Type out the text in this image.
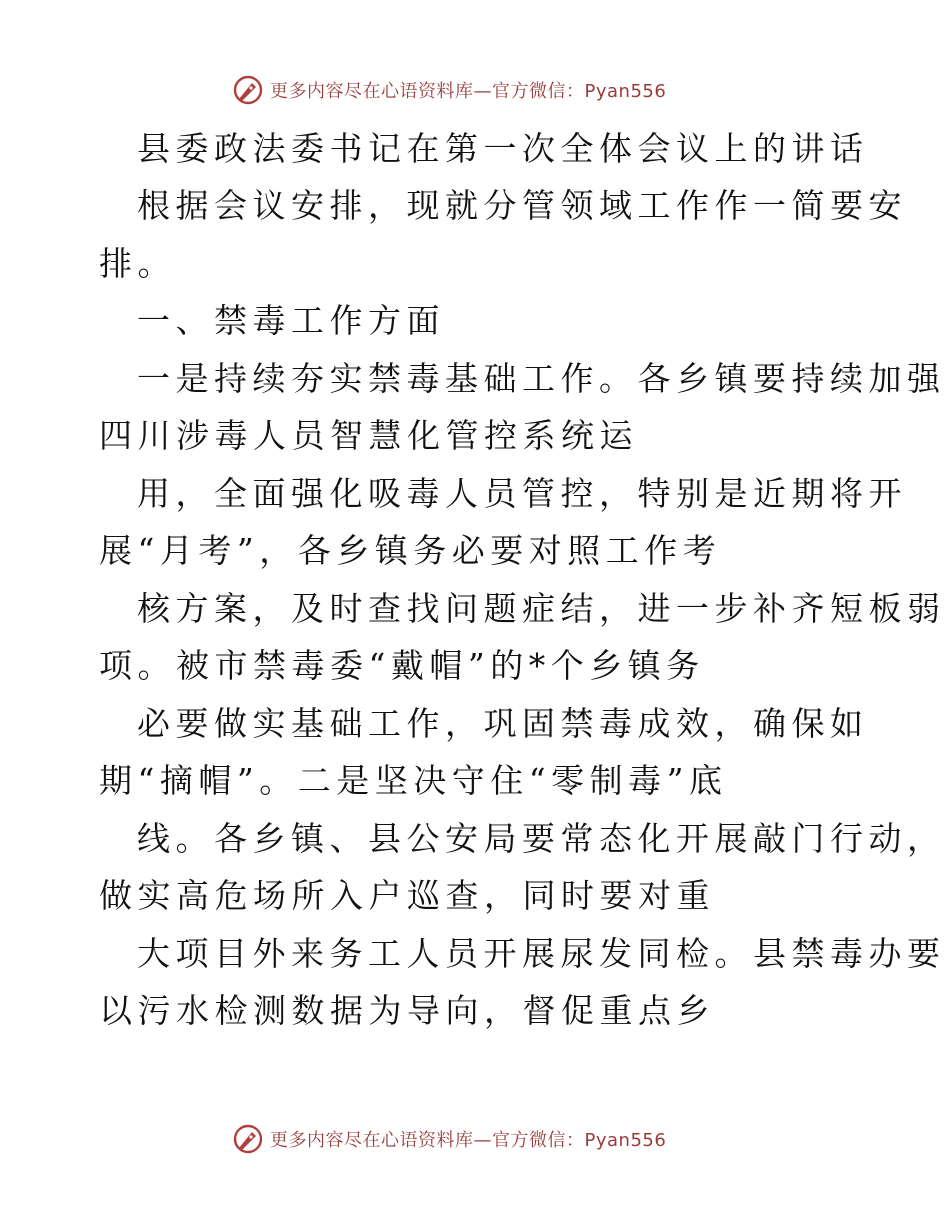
更多内容尽在心语资料库—官方微信：Pyan556
县委政法委书记在第一次全体会议上的讲话
根据会议安排，现就分管领域工作作一简要安
排。
一、禁毒工作方面
一是持续夯实禁毒基础工作。各乡镇要持续加强
四川涉毒人员智慧化管控系统运
用，全面强化吸毒人员管控，特别是近期将开
展“月考”，各乡镇务必要对照工作考
核方案，及时查找问题症结，进一步补齐短板弱
项。被市禁毒委“戴帽”的*个乡镇务
必要做实基础工作，巩固禁毒成效，确保如
期“摘帽”。二是坚决守住“零制毒”底
线。各乡镇、县公安局要常态化开展敲门行动，
做实高危场所入户巡查，同时要对重
大项目外来务工人员开展尿发同检。县禁毒办要
以污水检测数据为导向，督促重点乡
更多内容尽在心语资料库—官方微信：Pyan556
